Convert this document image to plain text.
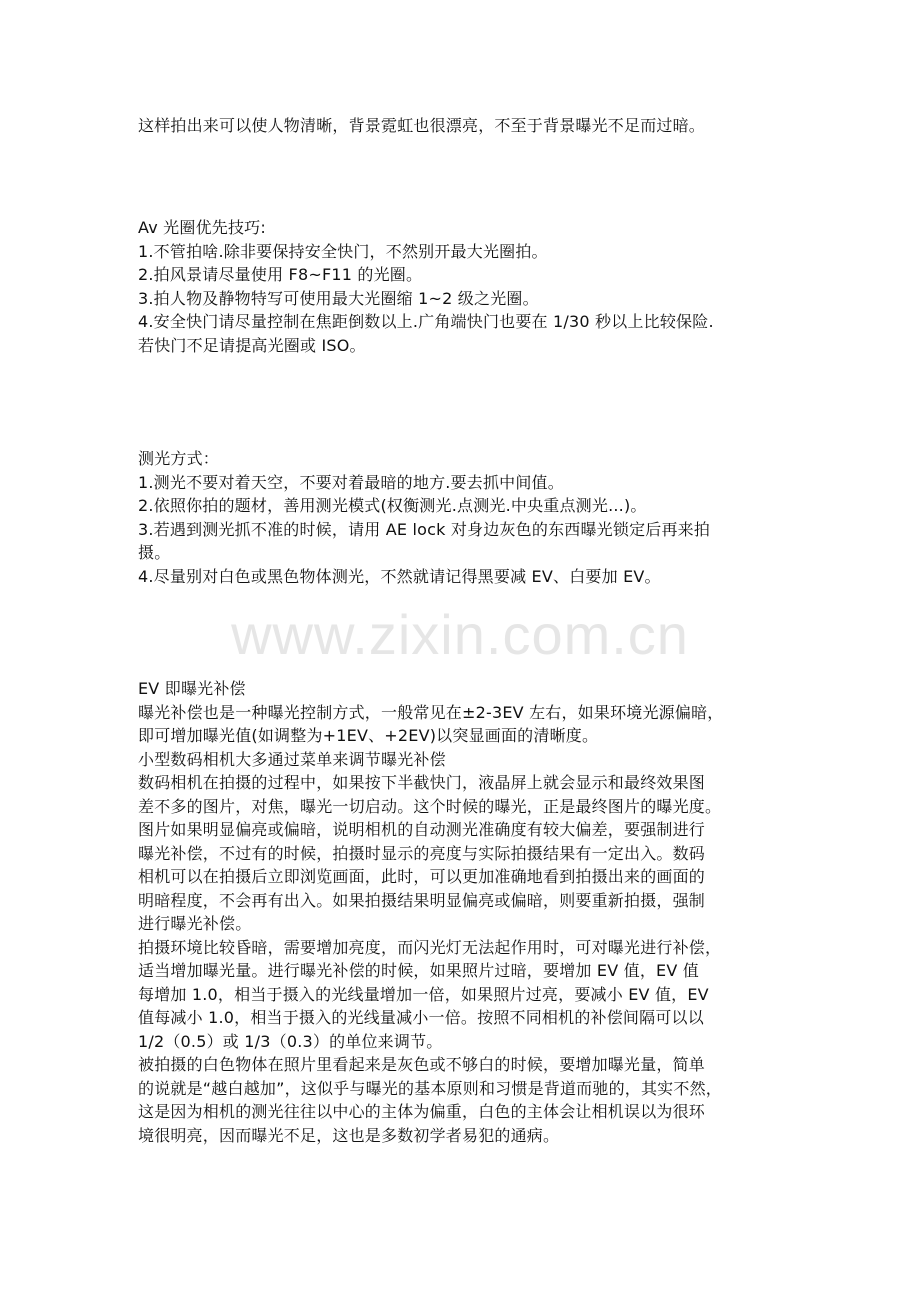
www.zixin.com.cn
这样拍出来可以使人物清晰，背景霓虹也很漂亮，不至于背景曝光不足而过暗。
Av 光圈优先技巧:
1.不管拍啥.除非要保持安全快门，不然别开最大光圈拍。
2.拍风景请尽量使用 F8~F11 的光圈。
3.拍人物及静物特写可使用最大光圈缩 1~2 级之光圈。
4.安全快门请尽量控制在焦距倒数以上.广角端快门也要在 1/30 秒以上比较保险.
若快门不足请提高光圈或 ISO。
测光方式：
1.测光不要对着天空，不要对着最暗的地方.要去抓中间值。
2.依照你拍的题材，善用测光模式(权衡测光.点测光.中央重点测光...)。
3.若遇到测光抓不准的时候，请用 AE lock 对身边灰色的东西曝光锁定后再来拍
摄。
4.尽量别对白色或黑色物体测光，不然就请记得黑要减 EV、白要加 EV。
EV 即曝光补偿
曝光补偿也是一种曝光控制方式，一般常见在±2-3EV 左右，如果环境光源偏暗，
即可增加曝光值(如调整为+1EV、+2EV)以突显画面的清晰度。
小型数码相机大多通过菜单来调节曝光补偿
数码相机在拍摄的过程中，如果按下半截快门，液晶屏上就会显示和最终效果图
差不多的图片，对焦，曝光一切启动。这个时候的曝光，正是最终图片的曝光度。
图片如果明显偏亮或偏暗，说明相机的自动测光准确度有较大偏差，要强制进行
曝光补偿，不过有的时候，拍摄时显示的亮度与实际拍摄结果有一定出入。数码
相机可以在拍摄后立即浏览画面，此时，可以更加准确地看到拍摄出来的画面的
明暗程度，不会再有出入。如果拍摄结果明显偏亮或偏暗，则要重新拍摄，强制
进行曝光补偿。
拍摄环境比较昏暗，需要增加亮度，而闪光灯无法起作用时，可对曝光进行补偿，
适当增加曝光量。进行曝光补偿的时候，如果照片过暗，要增加 EV 值，EV 值
每增加 1.0，相当于摄入的光线量增加一倍，如果照片过亮，要减小 EV 值，EV
值每减小 1.0，相当于摄入的光线量减小一倍。按照不同相机的补偿间隔可以以
1/2（0.5）或 1/3（0.3）的单位来调节。
被拍摄的白色物体在照片里看起来是灰色或不够白的时候，要增加曝光量，简单
的说就是“越白越加”，这似乎与曝光的基本原则和习惯是背道而驰的，其实不然，
这是因为相机的测光往往以中心的主体为偏重，白色的主体会让相机误以为很环
境很明亮，因而曝光不足，这也是多数初学者易犯的通病。
